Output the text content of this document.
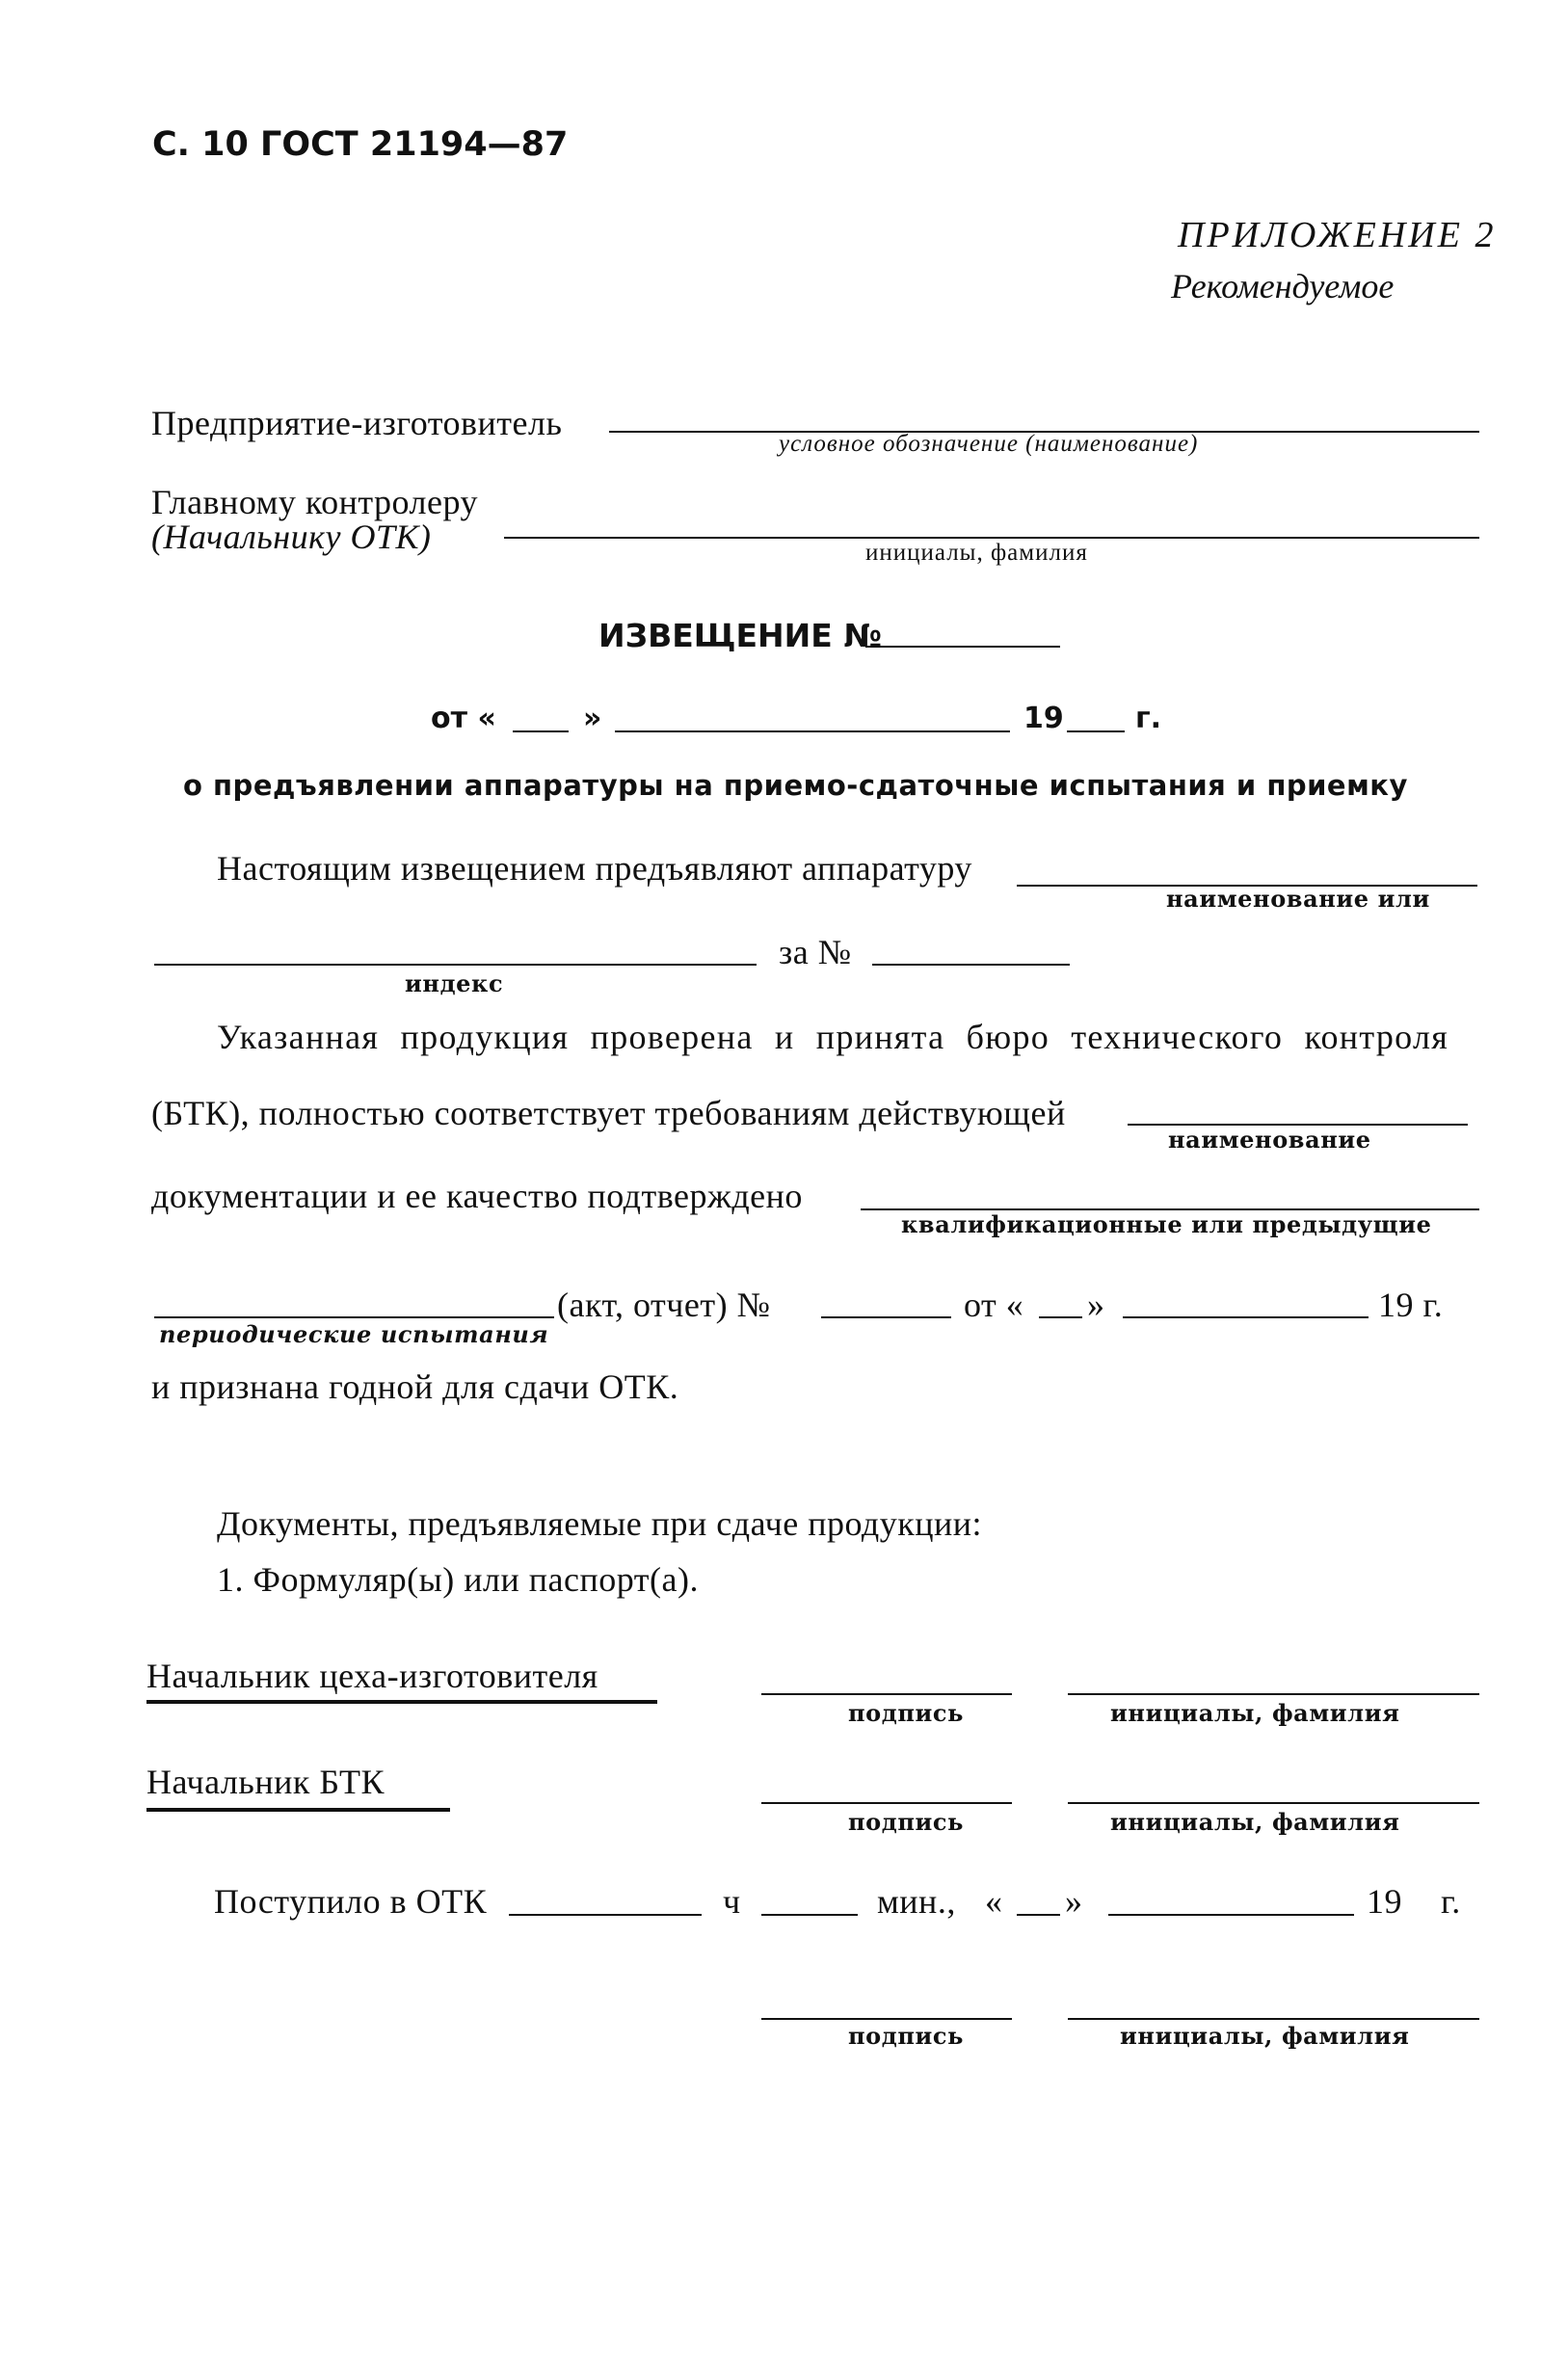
С. 10 ГОСТ 21194—87
ПРИЛОЖЕНИЕ 2
Рекомендуемое
Предприятие-изготовитель
условное обозначение (наименование)
Главному контролеру
(Начальнику ОТК)	инициалы, фамилия
ИЗВЕЩЕНИЕ №
от «	»	19 г.
о предъявлении аппаратуры на приемо-сдаточные испытания и приемку
Настоящим извещением предъявляют аппаратуру
наименование или
индекс
за №
Указанная продукция проверена и принята бюро технического контроля
(БТК), полностью соответствует требованиям действующей
наименование
документации и ее качество подтверждено
квалификационные или предыдущие
(акт, отчет) №	от « »	19 г.
периодические испытания
и признана годной для сдачи ОТК.
Документы, предъявляемые при сдаче продукции:
1. Формуляр(ы) или паспорт(а).
Начальник цеха-изготовителя
подпись	инициалы, фамилия
Начальник БТК
подпись	инициалы, фамилия
Поступило в ОТК	ч	мин., « »	19 г.
подпись	инициалы, фамилия
